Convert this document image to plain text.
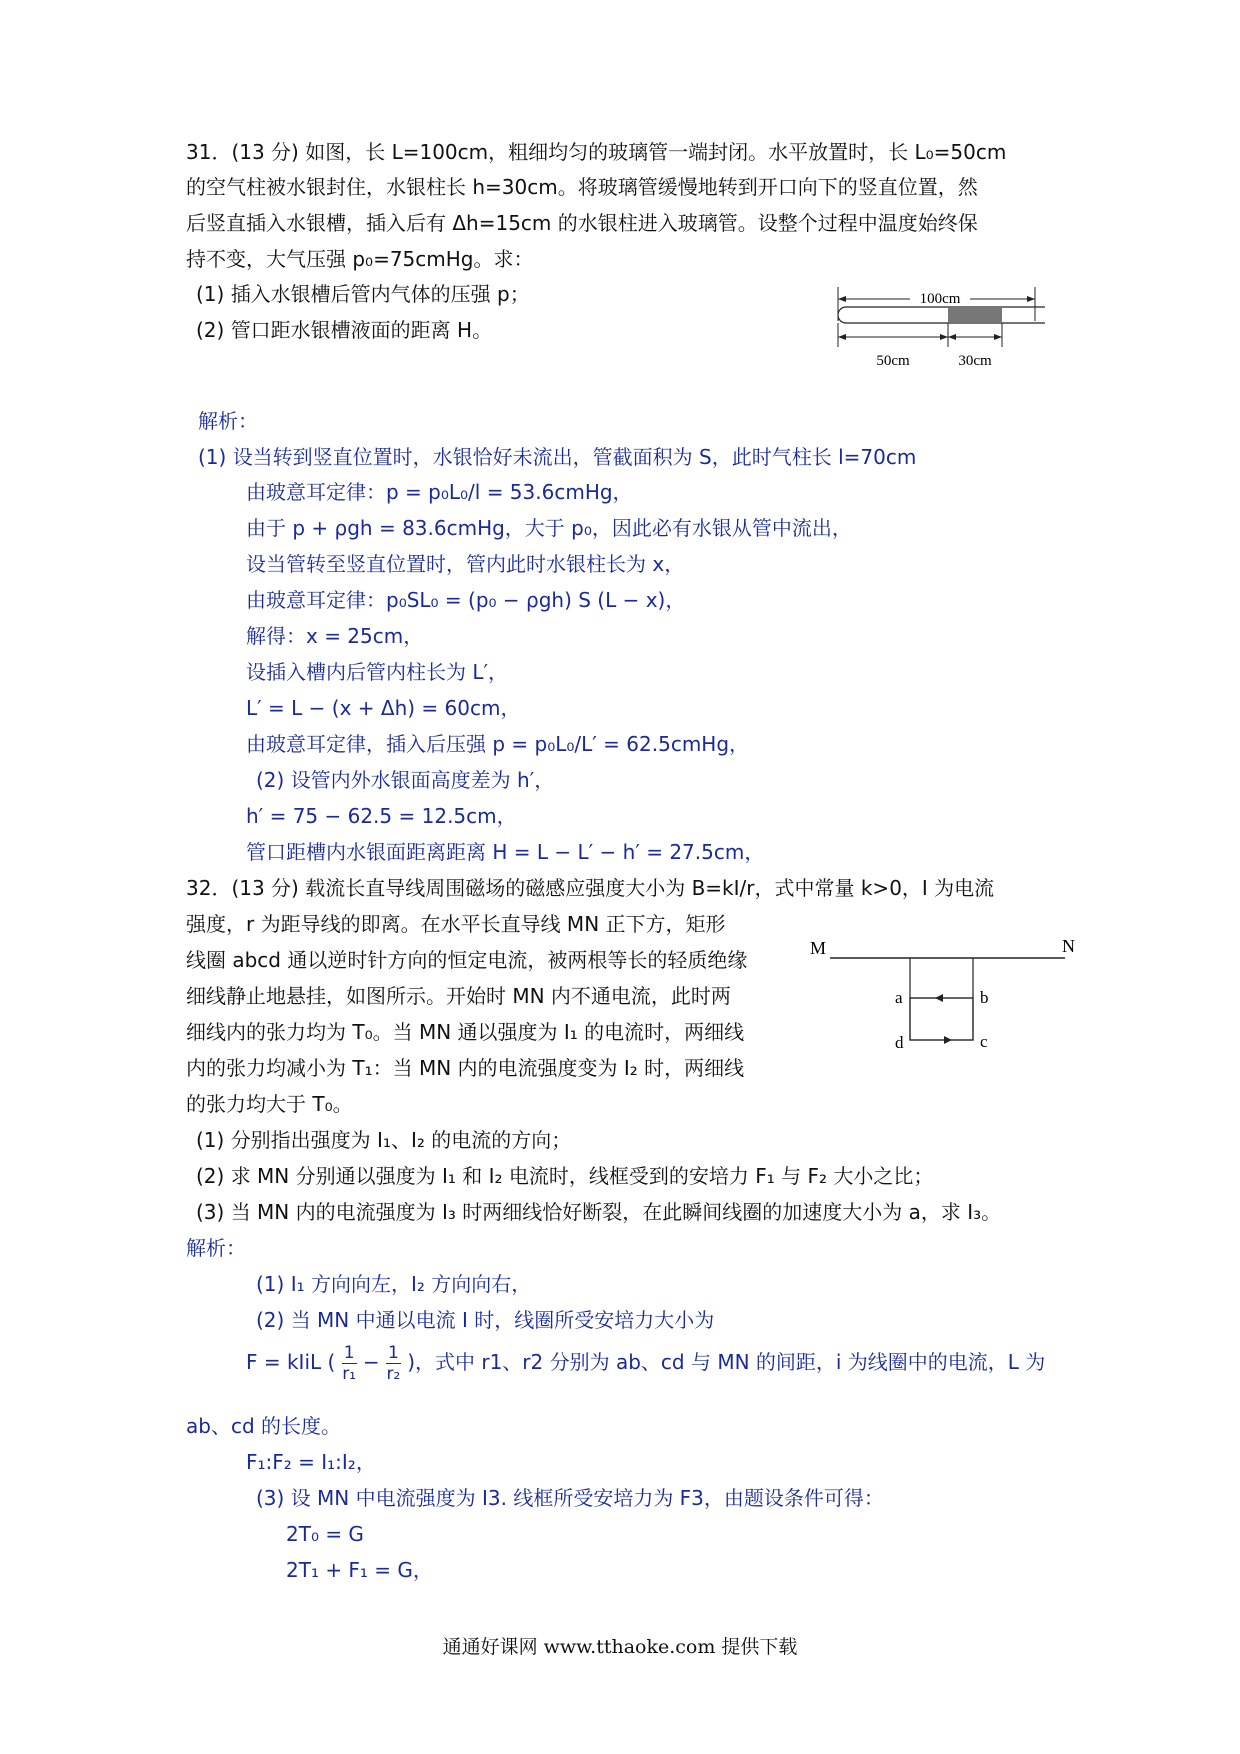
31．(13 分) 如图，长 L=100cm，粗细均匀的玻璃管一端封闭。水平放置时，长 L₀=50cm
的空气柱被水银封住，水银柱长 h=30cm。将玻璃管缓慢地转到开口向下的竖直位置，然
后竖直插入水银槽，插入后有 Δh=15cm 的水银柱进入玻璃管。设整个过程中温度始终保
持不变，大气压强 p₀=75cmHg。求：
(1) 插入水银槽后管内气体的压强 p；
(2) 管口距水银槽液面的距离 H。
100cm
50cm	30cm
解析：
(1) 设当转到竖直位置时，水银恰好未流出，管截面积为 S，此时气柱长 l=70cm
由玻意耳定律：p = p₀L₀/l = 53.6cmHg，
由于 p + ρgh = 83.6cmHg，大于 p₀，因此必有水银从管中流出，
设当管转至竖直位置时，管内此时水银柱长为 x，
由玻意耳定律：p₀SL₀ = (p₀ − ρgh) S (L − x)，
解得：x = 25cm，
设插入槽内后管内柱长为 L′，
L′ = L − (x + Δh) = 60cm，
由玻意耳定律，插入后压强 p = p₀L₀/L′ = 62.5cmHg，
(2) 设管内外水银面高度差为 h′，
h′ = 75 − 62.5 = 12.5cm，
管口距槽内水银面距离距离 H = L − L′ − h′ = 27.5cm，
32．(13 分) 载流长直导线周围磁场的磁感应强度大小为 B=kI/r，式中常量 k>0，I 为电流
强度，r 为距导线的即离。在水平长直导线 MN 正下方，矩形
线圈 abcd 通以逆时针方向的恒定电流，被两根等长的轻质绝缘
细线静止地悬挂，如图所示。开始时 MN 内不通电流，此时两
细线内的张力均为 T₀。当 MN 通以强度为 I₁ 的电流时，两细线
内的张力均减小为 T₁：当 MN 内的电流强度变为 I₂ 时，两细线
的张力均大于 T₀。
M	N
a	b
c
d
(1) 分别指出强度为 I₁、I₂ 的电流的方向；
(2) 求 MN 分别通以强度为 I₁ 和 I₂ 电流时，线框受到的安培力 F₁ 与 F₂ 大小之比；
(3) 当 MN 内的电流强度为 I₃ 时两细线恰好断裂，在此瞬间线圈的加速度大小为 a，求 I₃。
解析：
(1) I₁ 方向向左，I₂ 方向向右，
(2) 当 MN 中通以电流 I 时，线圈所受安培力大小为
F = kIiL ( $\frac{1}{\text{r₁}} - \frac{1}{\text{r₂}}$ )，式中 r1、r2 分别为 ab、cd 与 MN 的间距，i 为线圈中的电流，L 为
ab、cd 的长度。
F₁:F₂ = I₁:I₂，
(3) 设 MN 中电流强度为 I3. 线框所受安培力为 F3，由题设条件可得：
2T₀ = G
2T₁ + F₁ = G，
通通好课网 www.tthaoke.com 提供下载
